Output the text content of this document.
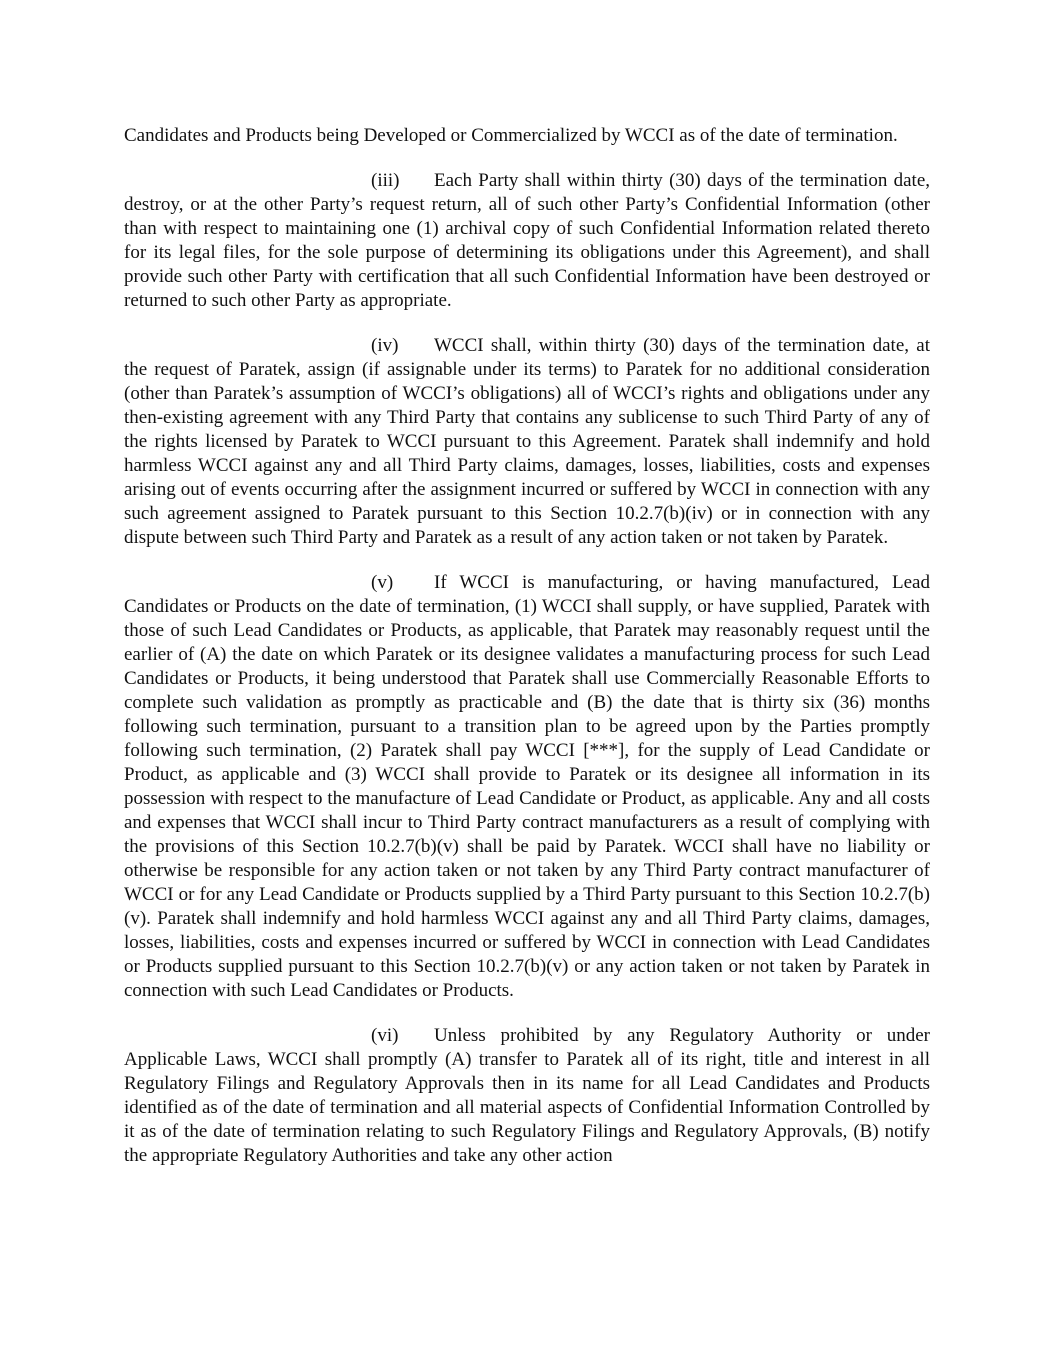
Candidates and Products being Developed or Commercialized by WCCI as of the date of termination.

(iii) Each Party shall within thirty (30) days of the termination date, destroy, or at the other Party’s request return, all of such other Party’s Confidential Information (other than with respect to maintaining one (1) archival copy of such Confidential Information related thereto for its legal files, for the sole purpose of determining its obligations under this Agreement), and shall provide such other Party with certification that all such Confidential Information have been destroyed or returned to such other Party as appropriate.

(iv) WCCI shall, within thirty (30) days of the termination date, at the request of Paratek, assign (if assignable under its terms) to Paratek for no additional consideration (other than Paratek’s assumption of WCCI’s obligations) all of WCCI’s rights and obligations under any then-existing agreement with any Third Party that contains any sublicense to such Third Party of any of the rights licensed by Paratek to WCCI pursuant to this Agreement. Paratek shall indemnify and hold harmless WCCI against any and all Third Party claims, damages, losses, liabilities, costs and expenses arising out of events occurring after the assignment incurred or suffered by WCCI in connection with any such agreement assigned to Paratek pursuant to this Section 10.2.7(b)(iv) or in connection with any dispute between such Third Party and Paratek as a result of any action taken or not taken by Paratek.

(v) If WCCI is manufacturing, or having manufactured, Lead Candidates or Products on the date of termination, (1) WCCI shall supply, or have supplied, Paratek with those of such Lead Candidates or Products, as applicable, that Paratek may reasonably request until the earlier of (A) the date on which Paratek or its designee validates a manufacturing process for such Lead Candidates or Products, it being understood that Paratek shall use Commercially Reasonable Efforts to complete such validation as promptly as practicable and (B) the date that is thirty six (36) months following such termination, pursuant to a transition plan to be agreed upon by the Parties promptly following such termination, (2) Paratek shall pay WCCI [***], for the supply of Lead Candidate or Product, as applicable and (3) WCCI shall provide to Paratek or its designee all information in its possession with respect to the manufacture of Lead Candidate or Product, as applicable. Any and all costs and expenses that WCCI shall incur to Third Party contract manufacturers as a result of complying with the provisions of this Section 10.2.7(b)(v) shall be paid by Paratek. WCCI shall have no liability or otherwise be responsible for any action taken or not taken by any Third Party contract manufacturer of WCCI or for any Lead Candidate or Products supplied by a Third Party pursuant to this Section 10.2.7(b)(v). Paratek shall indemnify and hold harmless WCCI against any and all Third Party claims, damages, losses, liabilities, costs and expenses incurred or suffered by WCCI in connection with Lead Candidates or Products supplied pursuant to this Section 10.2.7(b)(v) or any action taken or not taken by Paratek in connection with such Lead Candidates or Products.

(vi) Unless prohibited by any Regulatory Authority or under Applicable Laws, WCCI shall promptly (A) transfer to Paratek all of its right, title and interest in all Regulatory Filings and Regulatory Approvals then in its name for all Lead Candidates and Products identified as of the date of termination and all material aspects of Confidential Information Controlled by it as of the date of termination relating to such Regulatory Filings and Regulatory Approvals, (B) notify the appropriate Regulatory Authorities and take any other action
